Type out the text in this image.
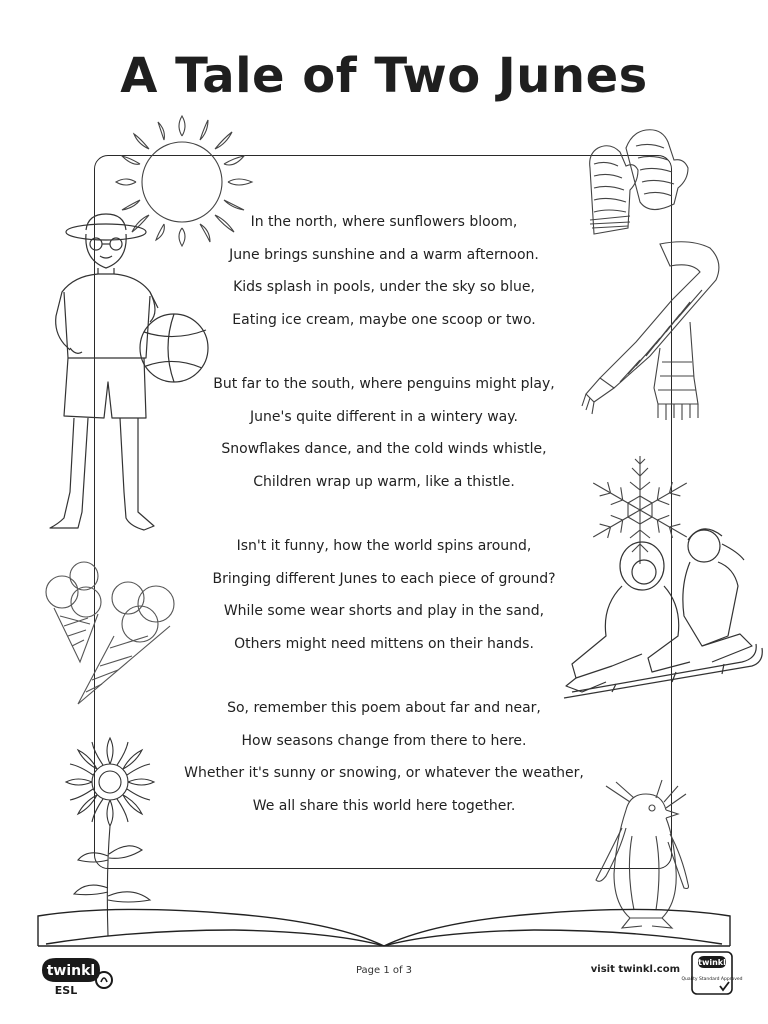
A Tale of Two Junes
In the north, where sunflowers bloom,
June brings sunshine and a warm afternoon.
Kids splash in pools, under the sky so blue,
Eating ice cream, maybe one scoop or two.
But far to the south, where penguins might play,
June's quite different in a wintery way.
Snowflakes dance, and the cold winds whistle,
Children wrap up warm, like a thistle.
Isn't it funny, how the world spins around,
Bringing different Junes to each piece of ground?
While some wear shorts and play in the sand,
Others might need mittens on their hands.
So, remember this poem about far and near,
How seasons change from there to here.
Whether it's sunny or snowing, or whatever the weather,
We all share this world here together.
twinkl
ESL
Page 1 of 3	visit twinkl.com
twinkl
Quality Standard Approved
